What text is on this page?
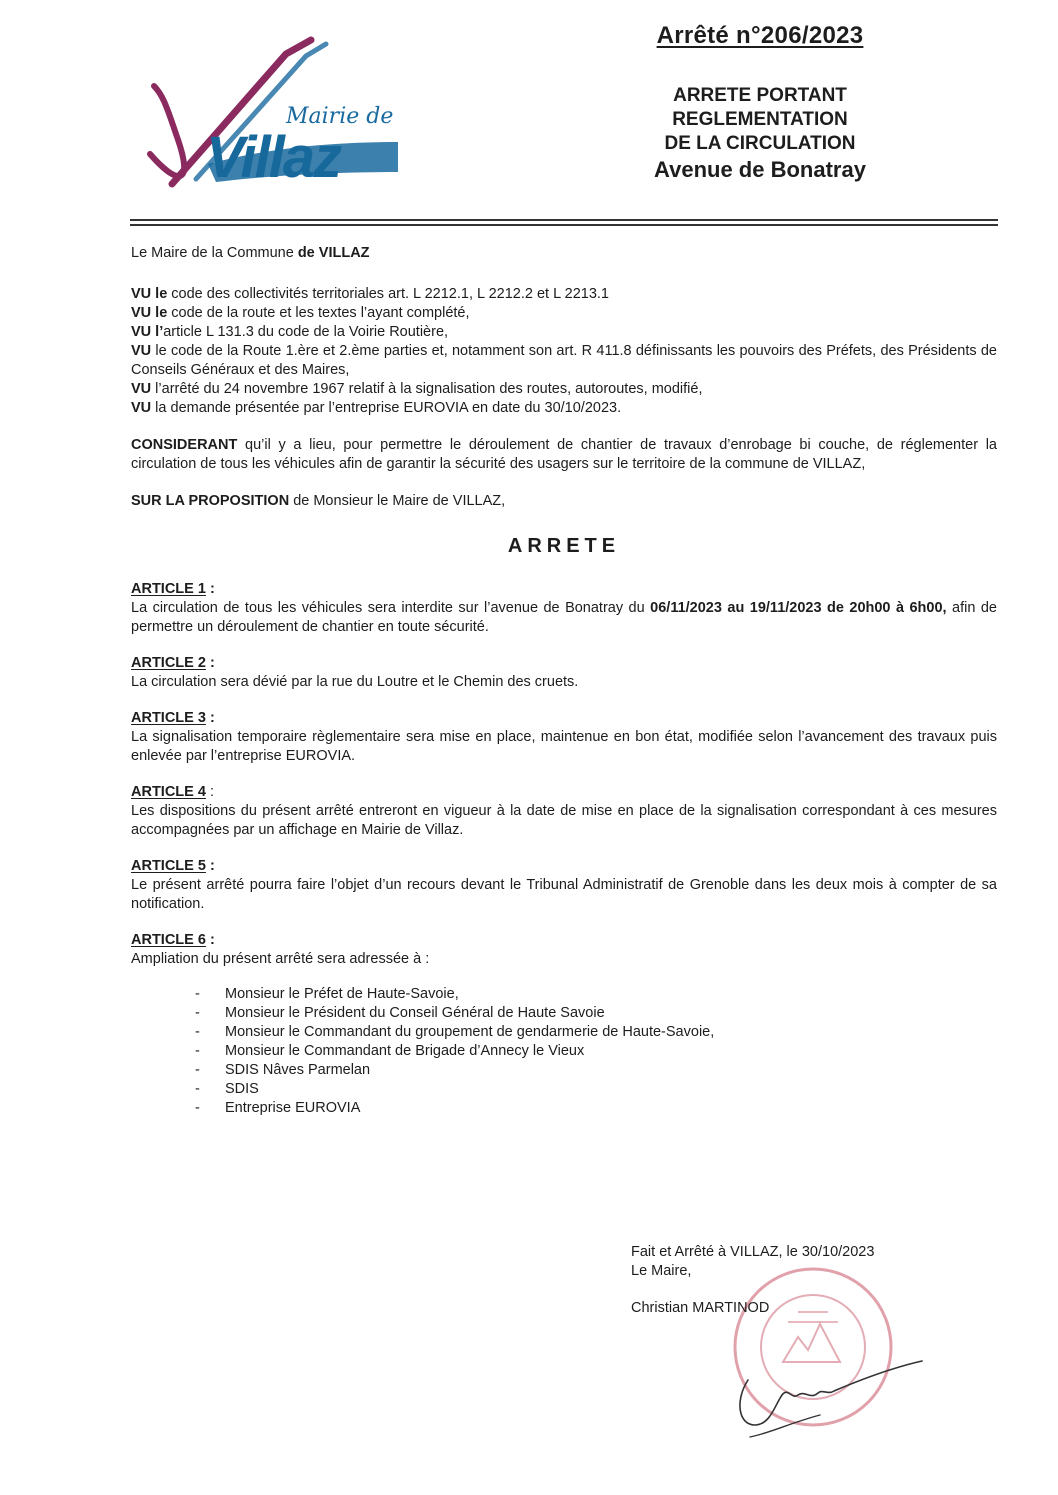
Mairie de
Villaz
Arrêté n°206/2023
ARRETE PORTANT
REGLEMENTATION
DE LA CIRCULATION
Avenue de Bonatray

Le Maire de la Commune de VILLAZ

VU le code des collectivités territoriales art. L 2212.1, L 2212.2 et L 2213.1

VU le code de la route et les textes l’ayant complété,

VU l’article L 131.3 du code de la Voirie Routière,

VU le code de la Route 1.ère et 2.ème parties et, notamment son art. R 411.8 définissants les pouvoirs des Préfets, des Présidents de Conseils Généraux et des Maires,

VU l’arrêté du 24 novembre 1967 relatif à la signalisation des routes, autoroutes, modifié,

VU la demande présentée par l’entreprise EUROVIA en date du 30/10/2023.

CONSIDERANT qu’il y a lieu, pour permettre le déroulement de chantier de travaux d’enrobage bi couche, de réglementer la circulation de tous les véhicules afin de garantir la sécurité des usagers sur le territoire de la commune de VILLAZ,

SUR LA PROPOSITION de Monsieur le Maire de VILLAZ,

ARRETE

ARTICLE 1 :

La circulation de tous les véhicules sera interdite sur l’avenue de Bonatray du 06/11/2023 au 19/11/2023 de 20h00 à 6h00, afin de permettre un déroulement de chantier en toute sécurité.

ARTICLE 2 :

La circulation sera dévié par la rue du Loutre et le Chemin des cruets.

ARTICLE 3 :

La signalisation temporaire règlementaire sera mise en place, maintenue en bon état, modifiée selon l’avancement des travaux puis enlevée par l’entreprise EUROVIA.

ARTICLE 4 :

Les dispositions du présent arrêté entreront en vigueur à la date de mise en place de la signalisation correspondant à ces mesures accompagnées par un affichage en Mairie de Villaz.

ARTICLE 5 :

Le présent arrêté pourra faire l’objet d’un recours devant le Tribunal Administratif de Grenoble dans les deux mois à compter de sa notification.

ARTICLE 6 :

Ampliation du présent arrêté sera adressée à :

- Monsieur le Préfet de Haute-Savoie,
- Monsieur le Président du Conseil Général de Haute Savoie
- Monsieur le Commandant du groupement de gendarmerie de Haute-Savoie,
- Monsieur le Commandant de Brigade d’Annecy le Vieux
- SDIS Nâves Parmelan
- SDIS
- Entreprise EUROVIA

Fait et Arrêté à VILLAZ, le 30/10/2023

Le Maire,

Christian MARTINOD
